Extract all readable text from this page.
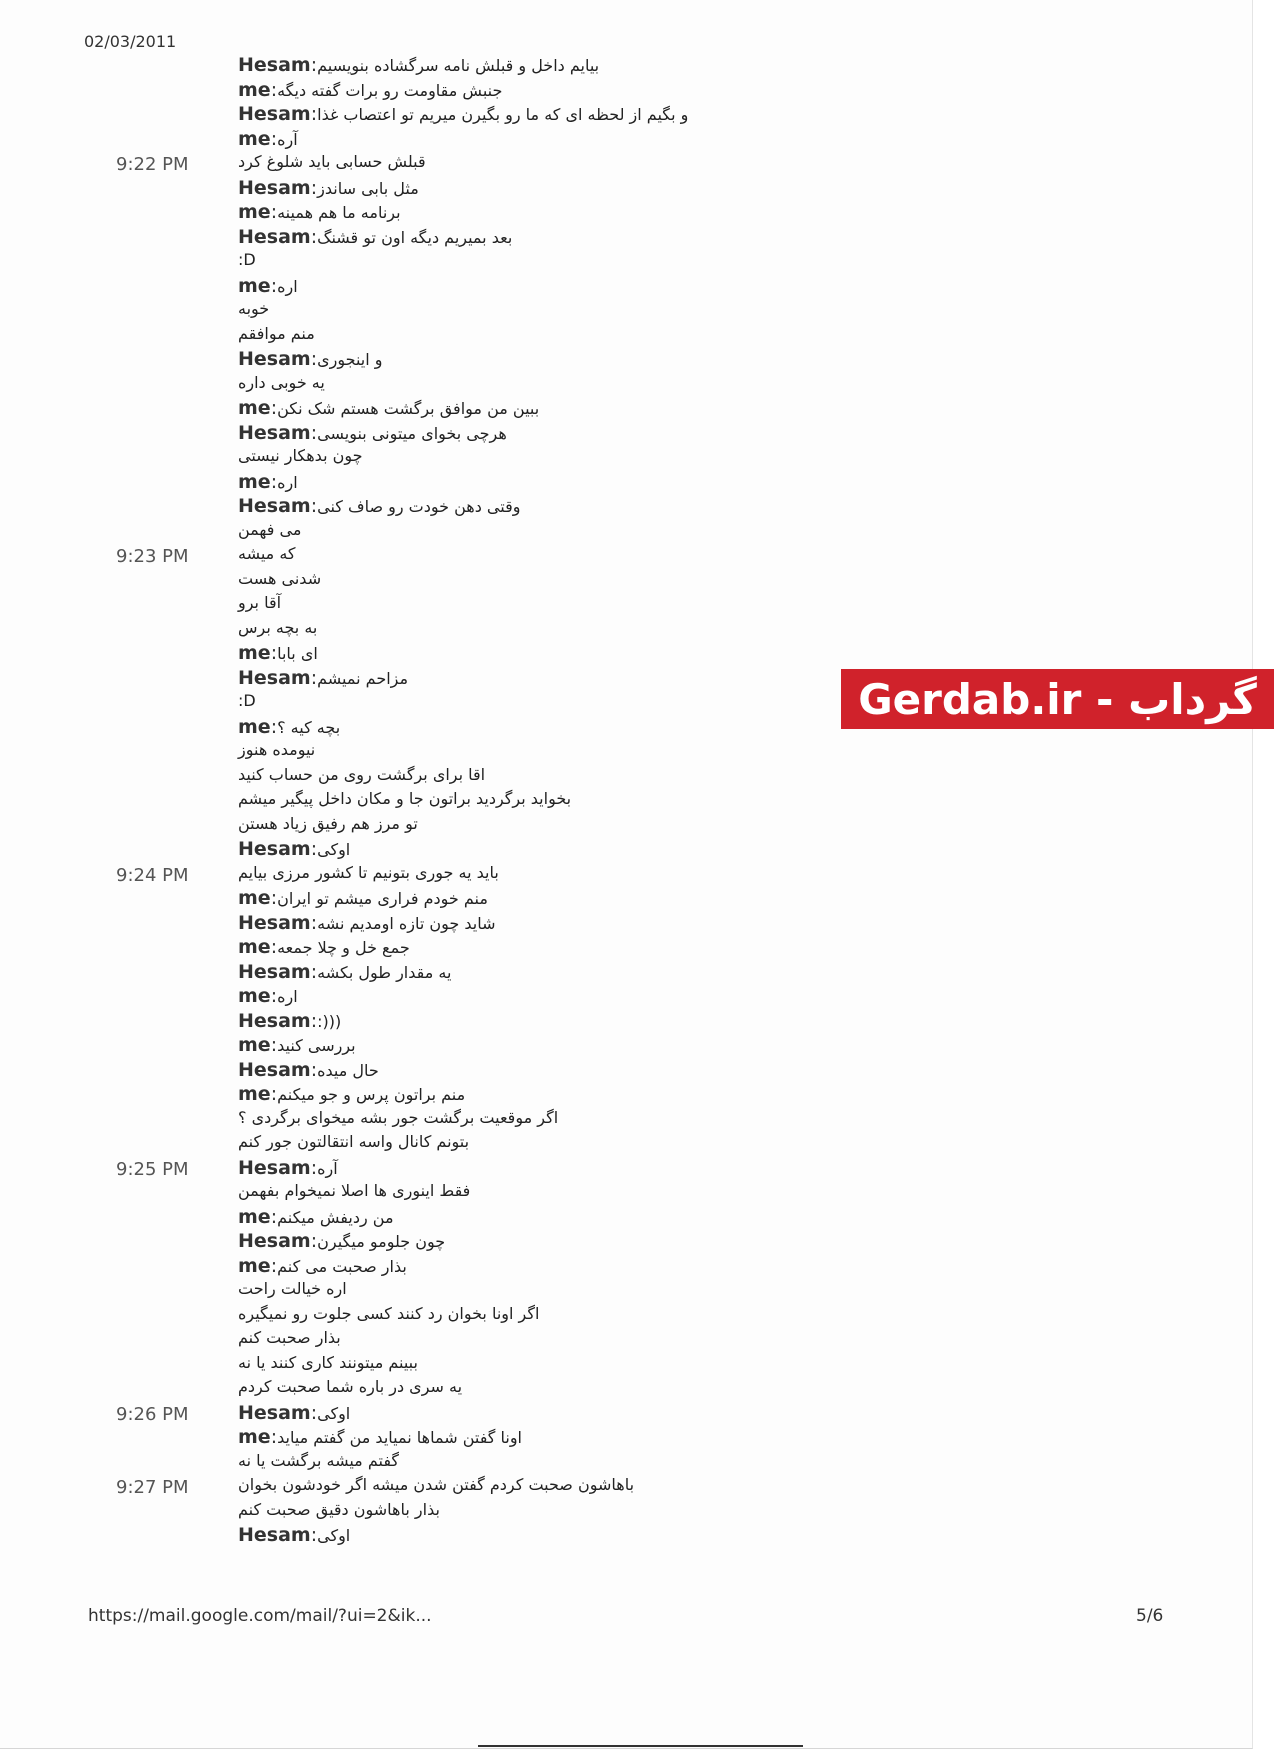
02/03/2011
Hesam:بیایم داخل و قبلش نامه سرگشاده بنویسیم
me:جنبش مقاومت رو برات گفته دیگه
Hesam:و بگیم از لحظه ای که ما رو بگیرن میریم تو اعتصاب غذا
me:آره
9:22 PM	قبلش حسابی باید شلوغ کرد
Hesam:مثل بابی ساندز
me:برنامه ما هم همینه
Hesam:بعد بمیریم دیگه اون تو قشنگ
:D
me:اره
خوبه
منم موافقم
Hesam:و اینجوری
یه خوبی داره
me:ببین من موافق برگشت هستم شک نکن
Hesam:هرچی بخوای میتونی بنویسی
چون بدهکار نیستی
me:اره
Hesam:وقتی دهن خودت رو صاف کنی
می فهمن
9:23 PM	که میشه
شدنی هست
آقا برو
به بچه برس
me:ای بابا
Hesam:مزاحم نمیشم
:D
me:بچه کیه ؟
نیومده هنوز
اقا برای برگشت روی من حساب کنید
بخواید برگردید براتون جا و مکان داخل پیگیر میشم
تو مرز هم رفیق زیاد هستن
Hesam:اوکی
9:24 PM	باید یه جوری بتونیم تا کشور مرزی بیایم
me:منم خودم فراری میشم تو ایران
Hesam:شاید چون تازه اومدیم نشه
me:جمع خل و چلا جمعه
Hesam:یه مقدار طول بکشه
me:اره
Hesam::)))
me:بررسی کنید
Hesam:حال میده
me:منم براتون پرس و جو میکنم
اگر موقعیت برگشت جور بشه میخوای برگردی ؟
بتونم کانال واسه انتقالتون جور کنم
9:25 PM	Hesam:آره
فقط اینوری ها اصلا نمیخوام بفهمن
me:من ردیفش میکنم
Hesam:چون جلومو میگیرن
me:بذار صحبت می کنم
اره خیالت راحت
اگر اونا بخوان رد کنند کسی جلوت رو نمیگیره
بذار صحبت کنم
ببینم میتونند کاری کنند یا نه
یه سری در باره شما صحبت کردم
9:26 PM	Hesam:اوکی
me:اونا گفتن شماها نمیاید من گفتم میاید
گفتم میشه برگشت یا نه
9:27 PM	باهاشون صحبت کردم گفتن شدن میشه اگر خودشون بخوان
بذار باهاشون دقیق صحبت کنم
Hesam:اوکی
Gerdab.ir - گرداب
https://mail.google.com/mail/?ui=2&ik...	5/6
